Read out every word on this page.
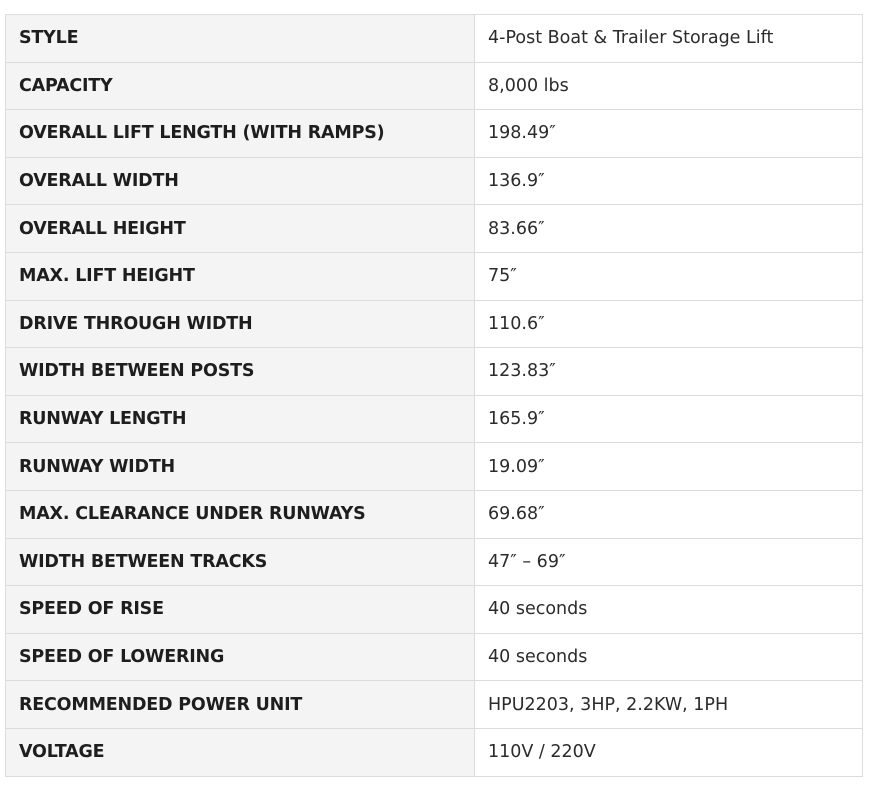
STYLE	4-Post Boat & Trailer Storage Lift
CAPACITY	8,000 lbs
OVERALL LIFT LENGTH (WITH RAMPS)	198.49″
OVERALL WIDTH	136.9″
OVERALL HEIGHT	83.66″
MAX. LIFT HEIGHT	75″
DRIVE THROUGH WIDTH	110.6″
WIDTH BETWEEN POSTS	123.83″
RUNWAY LENGTH	165.9″
RUNWAY WIDTH	19.09″
MAX. CLEARANCE UNDER RUNWAYS	69.68″
WIDTH BETWEEN TRACKS	47″ – 69″
SPEED OF RISE	40 seconds
SPEED OF LOWERING	40 seconds
RECOMMENDED POWER UNIT	HPU2203, 3HP, 2.2KW, 1PH
VOLTAGE	110V / 220V
